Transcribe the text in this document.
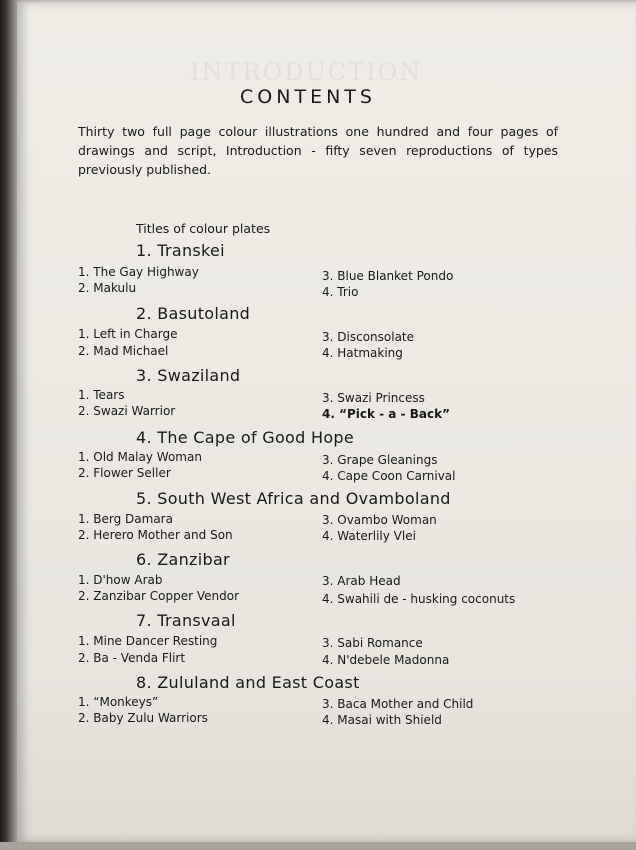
INTRODUCTION
CONTENTS
Thirty two full page colour illustrations one hundred and four pages of drawings and script, Introduction - fifty seven reproductions of types previously published.
Titles of colour plates
1. Transkei
1. The Gay Highway
2. Makulu
3. Blue Blanket Pondo
4. Trio
2. Basutoland
1. Left in Charge
2. Mad Michael
3. Disconsolate
4. Hatmaking
3. Swaziland
1. Tears
2. Swazi Warrior
3. Swazi Princess
4. “Pick - a - Back”
4. The Cape of Good Hope
1. Old Malay Woman
2. Flower Seller
3. Grape Gleanings
4. Cape Coon Carnival
5. South West Africa and Ovamboland
1. Berg Damara
2. Herero Mother and Son
3. Ovambo Woman
4. Waterlily Vlei
6. Zanzibar
1. D'how Arab
2. Zanzibar Copper Vendor
3. Arab Head
4. Swahili de - husking coconuts
7. Transvaal
1. Mine Dancer Resting
2. Ba - Venda Flirt
3. Sabi Romance
4. N'debele Madonna
8. Zululand and East Coast
1. “Monkeys”
2. Baby Zulu Warriors
3. Baca Mother and Child
4. Masai with Shield
